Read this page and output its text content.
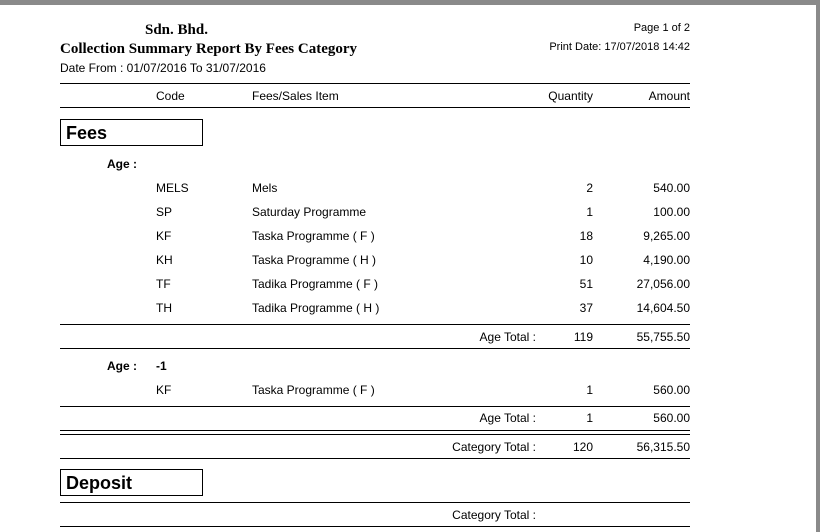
Sdn. Bhd.
Collection Summary Report By Fees Category
Date From : 01/07/2016 To 31/07/2016
Page 1 of 2
Print Date: 17/07/2018 14:42
Code	Fees/Sales Item	Quantity	Amount
Fees
Age :
MELS	Mels	2	540.00
SP	Saturday Programme	1	100.00
KF	Taska Programme ( F )	18	9,265.00
KH	Taska Programme ( H )	10	4,190.00
TF	Tadika Programme ( F )	51	27,056.00
TH	Tadika Programme ( H )	37	14,604.50
Age Total :	119	55,755.50
Age : -1
KF	Taska Programme ( F )	1	560.00
Age Total :	1	560.00
Category Total :	120	56,315.50
Deposit
Category Total :
